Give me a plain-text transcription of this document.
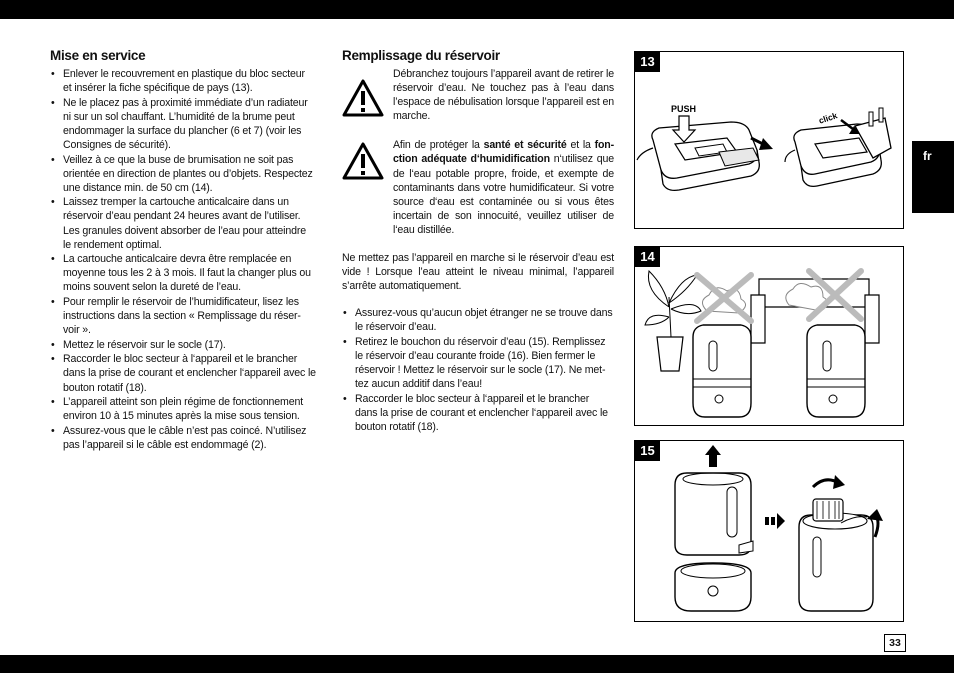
Mise en service
• Enlever le recouvrement en plastique du bloc secteur et insérer la fiche spécifique de pays (13).
• Ne le placez pas à proximité immédiate d’un radiateur ni sur un sol chauffant. L’humidité de la brume peut endommager la surface du plancher (6 et 7) (voir les Consignes de sécurité).
• Veillez à ce que la buse de brumisation ne soit pas orientée en direction de plantes ou d’objets. Respectez une distance min. de 50 cm (14).
• Laissez tremper la cartouche anticalcaire dans un réservoir d’eau pendant 24 heures avant de l’utiliser. Les granules doivent absorber de l’eau pour atteindre le rendement optimal.
• La cartouche anticalcaire devra être remplacée en moyenne tous les 2 à 3 mois. Il faut la changer plus ou moins souvent selon la dureté de l’eau.
• Pour remplir le réservoir de l’humidificateur, lisez les instructions dans la section « Remplissage du réser-voir ».
• Mettez le réservoir sur le socle (17).
• Raccorder le bloc secteur à l‘appareil et le brancher dans la prise de courant et enclencher l‘appareil avec le bouton rotatif (18).
• L’appareil atteint son plein régime de fonctionnement environ 10 à 15 minutes après la mise sous tension.
• Assurez-vous que le câble n’est pas coincé. N’utilisez pas l’appareil si le câble est endommagé (2).
Remplissage du réservoir
Débranchez toujours l’appareil avant de retirer le réservoir d’eau. Ne touchez pas à l’eau dans l’espace de nébulisation lorsque l’appareil est en marche.
Afin de protéger la santé et sécurité et la fon-ction adéquate d‘humidification n‘utilisez que de l‘eau potable propre, froide, et exempte de contaminants dans votre humidificateur. Si votre source d‘eau est contaminée ou si vous êtes incertain de son innocuité, veuillez utiliser de l‘eau distillée.

Ne mettez pas l’appareil en marche si le réservoir d’eau est vide ! Lorsque l’eau atteint le niveau minimal, l’appareil s’arrête automatiquement.

• Assurez-vous qu’aucun objet étranger ne se trouve dans le réservoir d’eau.
• Retirez le bouchon du réservoir d’eau (15). Remplissez le réservoir d’eau courante froide (16). Bien fermer le réservoir ! Mettez le réservoir sur le socle (17). Ne met-tez aucun additif dans l’eau!
• Raccorder le bloc secteur à l‘appareil et le brancher dans la prise de courant et enclencher l‘appareil avec le bouton rotatif (18).
PUSH
click
13
14
15
fr
33
